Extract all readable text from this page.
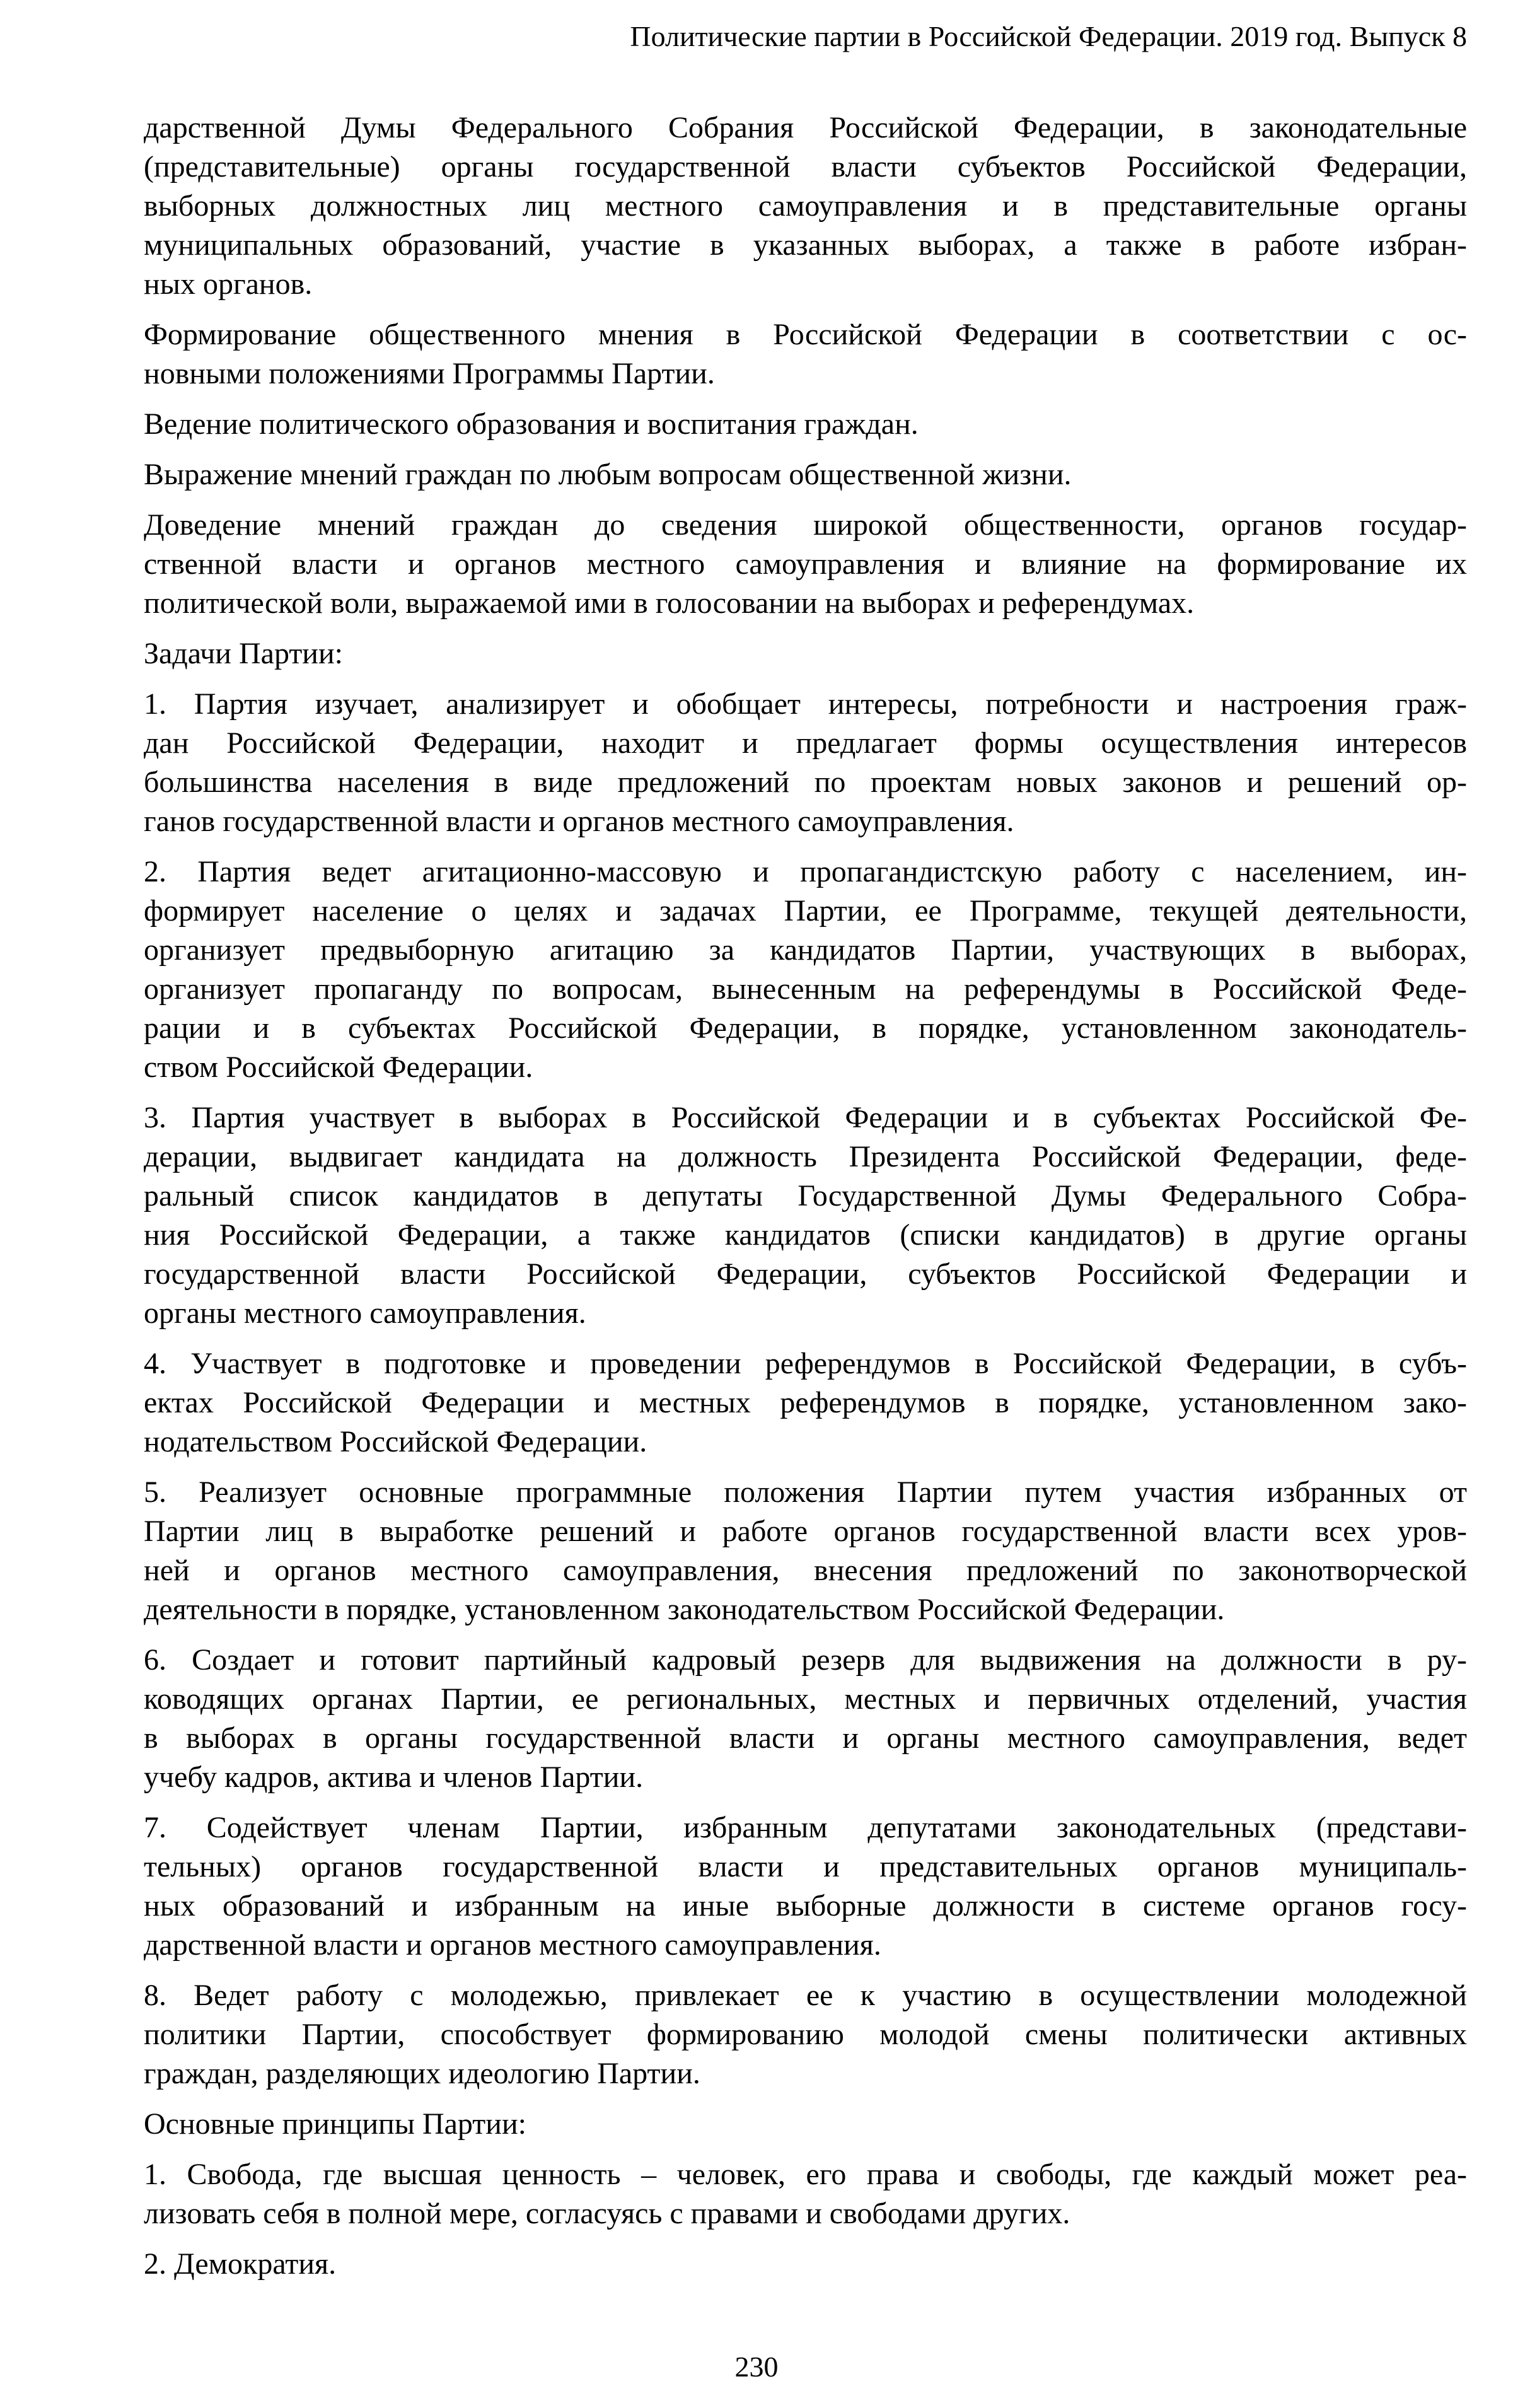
Политические партии в Российской Федерации. 2019 год. Выпуск 8

дарственной Думы Федерального Собрания Российской Федерации, в законодательные
(представительные) органы государственной власти субъектов Российской Федерации,
выборных должностных лиц местного самоуправления и в представительные органы
муниципальных образований, участие в указанных выборах, а также в работе избран-
ных органов.

Формирование общественного мнения в Российской Федерации в соответствии с ос-
новными положениями Программы Партии.

Ведение политического образования и воспитания граждан.

Выражение мнений граждан по любым вопросам общественной жизни.

Доведение мнений граждан до сведения широкой общественности, органов государ-
ственной власти и органов местного самоуправления и влияние на формирование их
политической воли, выражаемой ими в голосовании на выборах и референдумах.

Задачи Партии:

1. Партия изучает, анализирует и обобщает интересы, потребности и настроения граж-
дан Российской Федерации, находит и предлагает формы осуществления интересов
большинства населения в виде предложений по проектам новых законов и решений ор-
ганов государственной власти и органов местного самоуправления.

2. Партия ведет агитационно-массовую и пропагандистскую работу с населением, ин-
формирует население о целях и задачах Партии, ее Программе, текущей деятельности,
организует предвыборную агитацию за кандидатов Партии, участвующих в выборах,
организует пропаганду по вопросам, вынесенным на референдумы в Российской Феде-
рации и в субъектах Российской Федерации, в порядке, установленном законодатель-
ством Российской Федерации.

3. Партия участвует в выборах в Российской Федерации и в субъектах Российской Фе-
дерации, выдвигает кандидата на должность Президента Российской Федерации, феде-
ральный список кандидатов в депутаты Государственной Думы Федерального Собра-
ния Российской Федерации, а также кандидатов (списки кандидатов) в другие органы
государственной власти Российской Федерации, субъектов Российской Федерации и
органы местного самоуправления.

4. Участвует в подготовке и проведении референдумов в Российской Федерации, в субъ-
ектах Российской Федерации и местных референдумов в порядке, установленном зако-
нодательством Российской Федерации.

5. Реализует основные программные положения Партии путем участия избранных от
Партии лиц в выработке решений и работе органов государственной власти всех уров-
ней и органов местного самоуправления, внесения предложений по законотворческой
деятельности в порядке, установленном законодательством Российской Федерации.

6. Создает и готовит партийный кадровый резерв для выдвижения на должности в ру-
ководящих органах Партии, ее региональных, местных и первичных отделений, участия
в выборах в органы государственной власти и органы местного самоуправления, ведет
учебу кадров, актива и членов Партии.

7. Содействует членам Партии, избранным депутатами законодательных (представи-
тельных) органов государственной власти и представительных органов муниципаль-
ных образований и избранным на иные выборные должности в системе органов госу-
дарственной власти и органов местного самоуправления.

8. Ведет работу с молодежью, привлекает ее к участию в осуществлении молодежной
политики Партии, способствует формированию молодой смены политически активных
граждан, разделяющих идеологию Партии.

Основные принципы Партии:

1. Свобода, где высшая ценность – человек, его права и свободы, где каждый может реа-
лизовать себя в полной мере, согласуясь с правами и свободами других.

2. Демократия.

230
